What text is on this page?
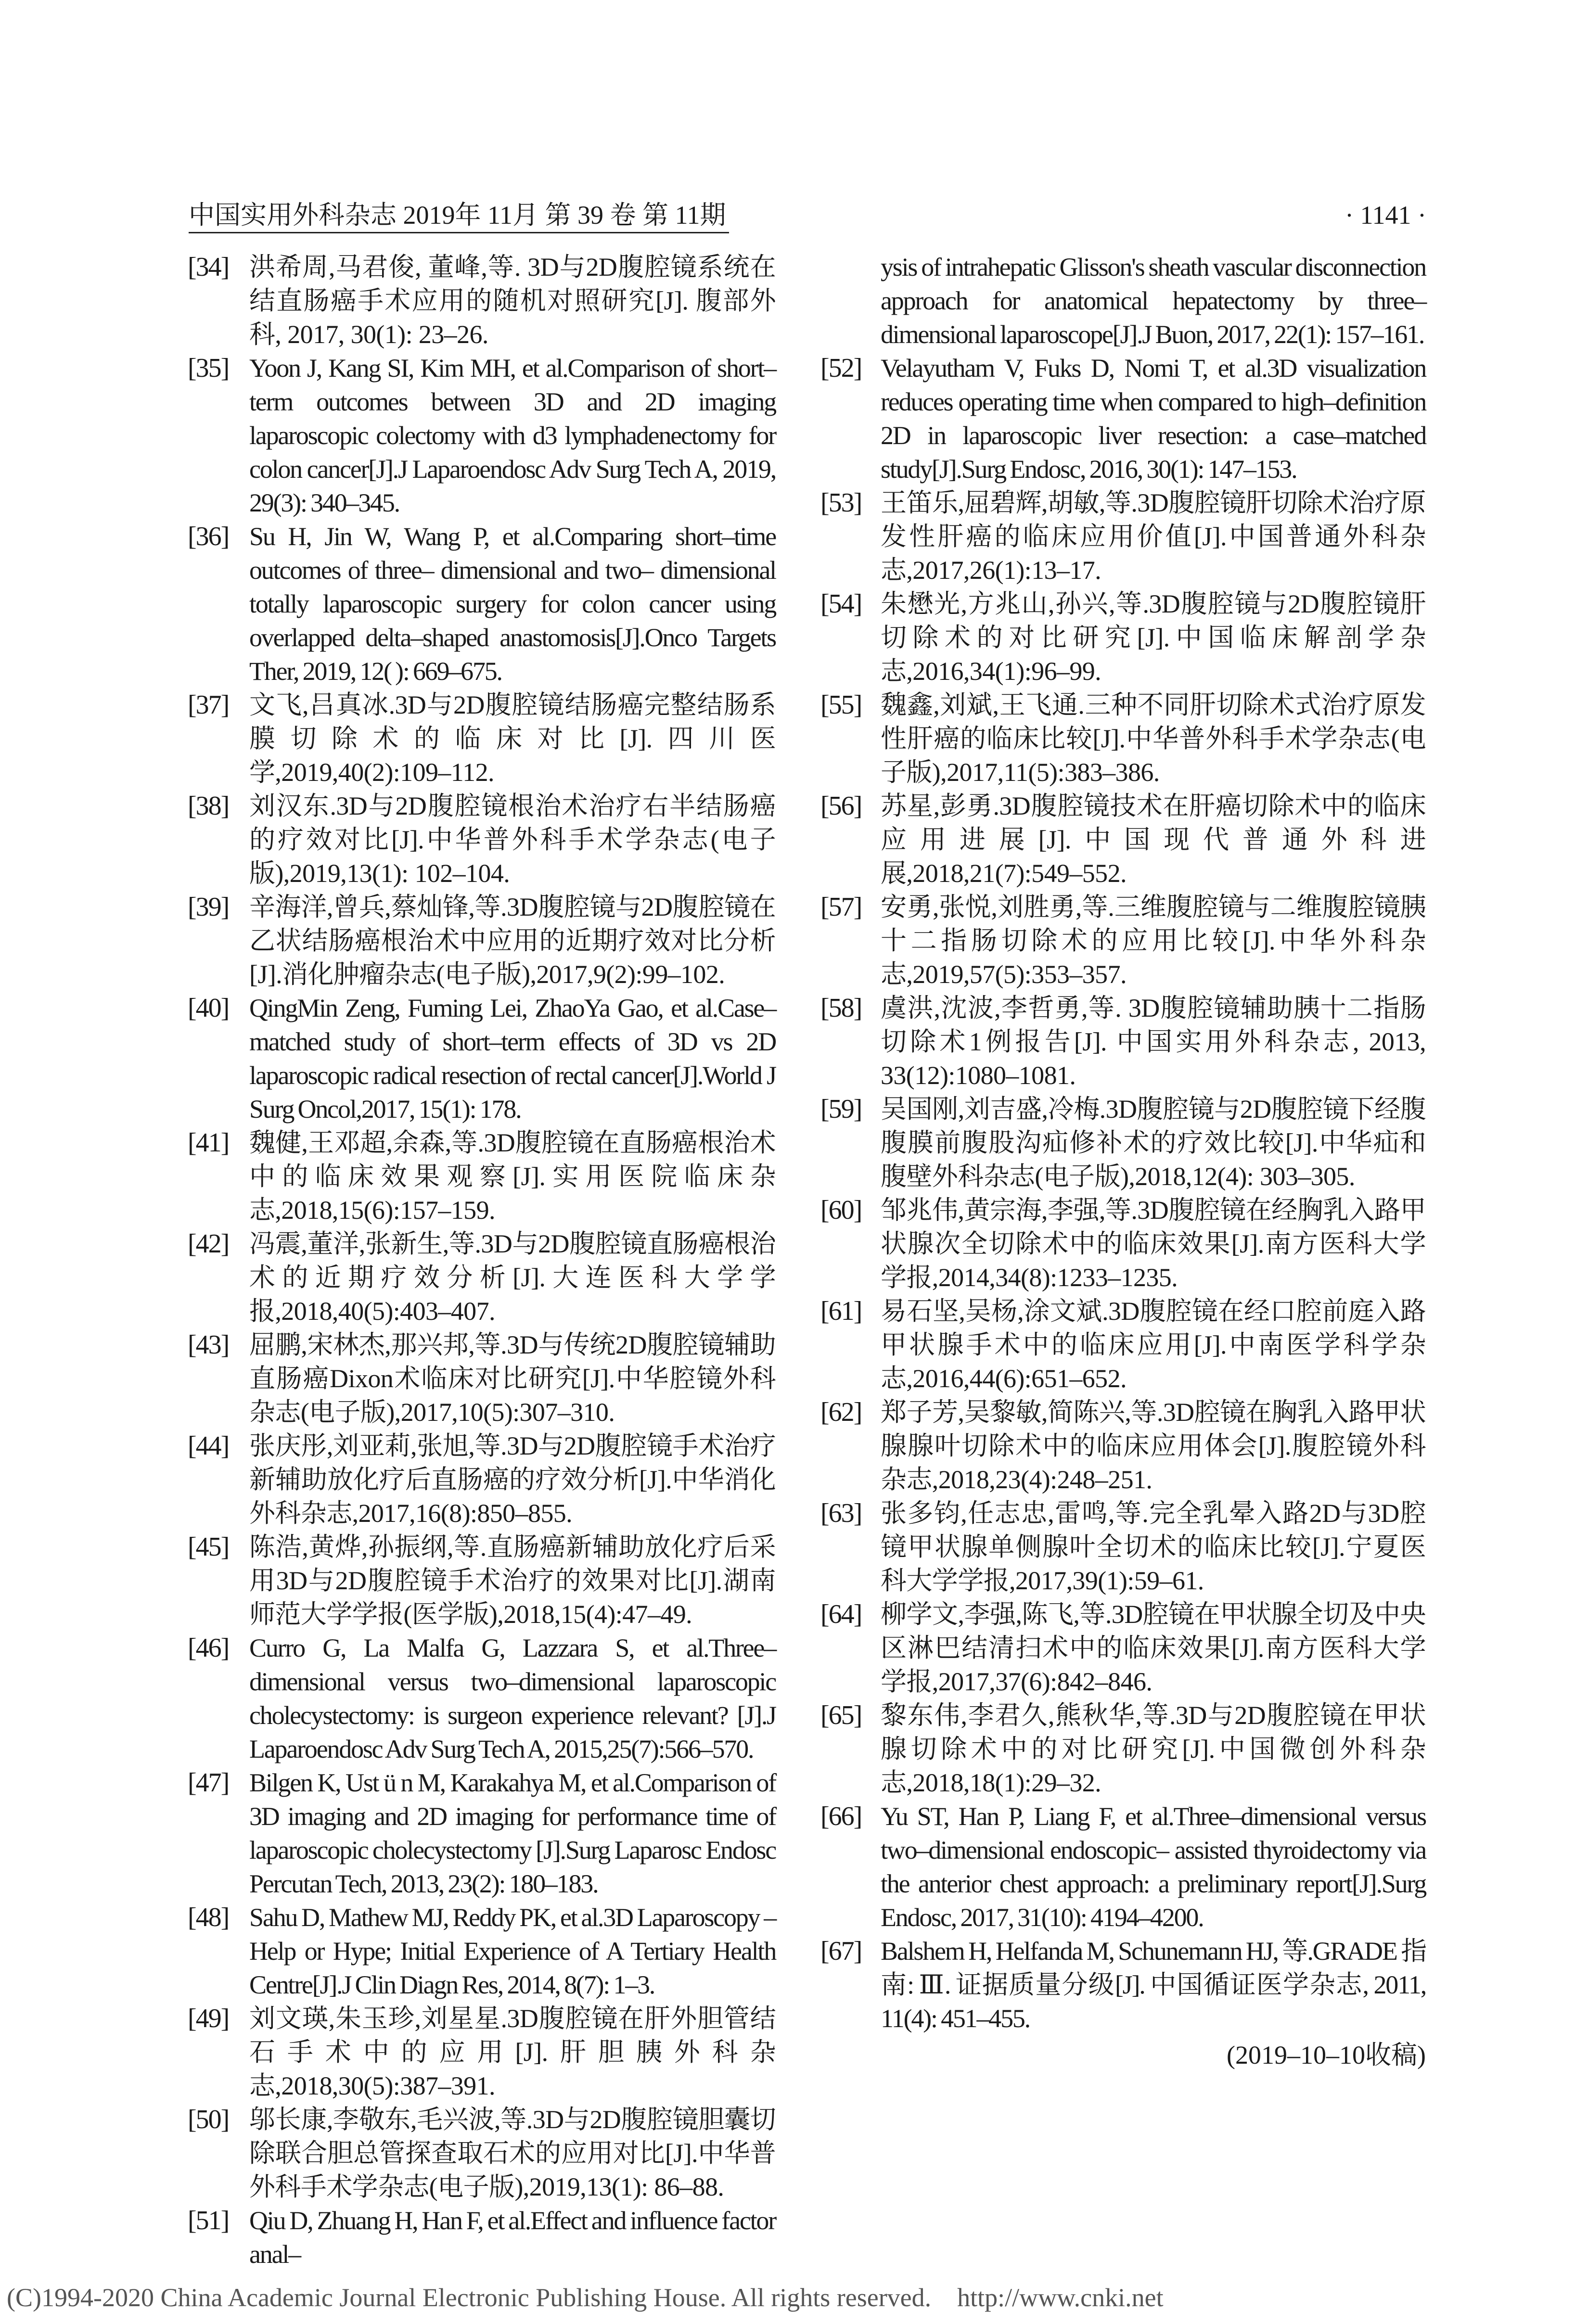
中国实用外科杂志 2019年 11月 第 39 卷 第 11期	· 1141 ·
[34] 洪希周,马君俊, 董峰,等. 3D与2D腹腔镜系统在结直肠癌手术应用的随机对照研究[J]. 腹部外科, 2017, 30(1): 23–26.
[35] Yoon J, Kang SI, Kim MH, et al.Comparison of short–term outcomes between 3D and 2D imaging laparoscopic colectomy with d3 lymphadenectomy for colon cancer[J].J Laparoendosc Adv Surg Tech A, 2019, 29(3): 340–345.
[36] Su H, Jin W, Wang P, et al.Comparing short–time outcomes of three– dimensional and two– dimensional totally laparoscopic surgery for colon cancer using overlapped delta–shaped anastomosis[J].Onco Targets Ther, 2019, 12( ): 669–675.
[37] 文飞,吕真冰.3D与2D腹腔镜结肠癌完整结肠系膜切除术的临床对比[J].四川医学,2019,40(2):109–112.
[38] 刘汉东.3D与2D腹腔镜根治术治疗右半结肠癌的疗效对比[J].中华普外科手术学杂志(电子版),2019,13(1): 102–104.
[39] 辛海洋,曾兵,蔡灿锋,等.3D腹腔镜与2D腹腔镜在乙状结肠癌根治术中应用的近期疗效对比分析[J].消化肿瘤杂志(电子版),2017,9(2):99–102.
[40] QingMin Zeng, Fuming Lei, ZhaoYa Gao, et al.Case–matched study of short–term effects of 3D vs 2D laparoscopic radical resection of rectal cancer[J].World J Surg Oncol,2017, 15(1): 178.
[41] 魏健,王邓超,余森,等.3D腹腔镜在直肠癌根治术中的临床效果观察[J].实用医院临床杂志,2018,15(6):157–159.
[42] 冯震,董洋,张新生,等.3D与2D腹腔镜直肠癌根治术的近期疗效分析[J].大连医科大学学报,2018,40(5):403–407.
[43] 屈鹏,宋林杰,那兴邦,等.3D与传统2D腹腔镜辅助直肠癌Dixon术临床对比研究[J].中华腔镜外科杂志(电子版),2017,10(5):307–310.
[44] 张庆彤,刘亚莉,张旭,等.3D与2D腹腔镜手术治疗新辅助放化疗后直肠癌的疗效分析[J].中华消化外科杂志,2017,16(8):850–855.
[45] 陈浩,黄烨,孙振纲,等.直肠癌新辅助放化疗后采用3D与2D腹腔镜手术治疗的效果对比[J].湖南师范大学学报(医学版),2018,15(4):47–49.
[46] Curro G, La Malfa G, Lazzara S, et al.Three–dimensional versus two–dimensional laparoscopic cholecystectomy: is surgeon experience relevant? [J].J Laparoendosc Adv Surg Tech A, 2015,25(7):566–570.
[47] Bilgen K, Ust ü n M, Karakahya M, et al.Comparison of 3D imaging and 2D imaging for performance time of laparoscopic cholecystectomy [J].Surg Laparosc Endosc Percutan Tech, 2013, 23(2): 180–183.
[48] Sahu D, Mathew MJ, Reddy PK, et al.3D Laparoscopy – Help or Hype; Initial Experience of A Tertiary Health Centre[J].J Clin Diagn Res, 2014, 8(7): 1–3.
[49] 刘文瑛,朱玉珍,刘星星.3D腹腔镜在肝外胆管结石手术中的应用[J].肝胆胰外科杂志,2018,30(5):387–391.
[50] 邬长康,李敬东,毛兴波,等.3D与2D腹腔镜胆囊切除联合胆总管探查取石术的应用对比[J].中华普外科手术学杂志(电子版),2019,13(1): 86–88.
[51] Qiu D, Zhuang H, Han F, et al.Effect and influence factor anal–
ysis of intrahepatic Glisson's sheath vascular disconnection approach for anatomical hepatectomy by three–dimensional laparoscope[J].J Buon, 2017, 22(1): 157–161.
[52] Velayutham V, Fuks D, Nomi T, et al.3D visualization reduces operating time when compared to high–definition 2D in laparoscopic liver resection: a case–matched study[J].Surg Endosc, 2016, 30(1): 147–153.
[53] 王笛乐,屈碧辉,胡敏,等.3D腹腔镜肝切除术治疗原发性肝癌的临床应用价值[J].中国普通外科杂志,2017,26(1):13–17.
[54] 朱懋光,方兆山,孙兴,等.3D腹腔镜与2D腹腔镜肝切除术的对比研究[J].中国临床解剖学杂志,2016,34(1):96–99.
[55] 魏鑫,刘斌,王飞通.三种不同肝切除术式治疗原发性肝癌的临床比较[J].中华普外科手术学杂志(电子版),2017,11(5):383–386.
[56] 苏星,彭勇.3D腹腔镜技术在肝癌切除术中的临床应用进展[J].中国现代普通外科进展,2018,21(7):549–552.
[57] 安勇,张悦,刘胜勇,等.三维腹腔镜与二维腹腔镜胰十二指肠切除术的应用比较[J].中华外科杂志,2019,57(5):353–357.
[58] 虞洪,沈波,李哲勇,等. 3D腹腔镜辅助胰十二指肠切除术1例报告[J]. 中国实用外科杂志, 2013, 33(12):1080–1081.
[59] 吴国刚,刘吉盛,冷梅.3D腹腔镜与2D腹腔镜下经腹腹膜前腹股沟疝修补术的疗效比较[J].中华疝和腹壁外科杂志(电子版),2018,12(4): 303–305.
[60] 邹兆伟,黄宗海,李强,等.3D腹腔镜在经胸乳入路甲状腺次全切除术中的临床效果[J].南方医科大学学报,2014,34(8):1233–1235.
[61] 易石坚,吴杨,涂文斌.3D腹腔镜在经口腔前庭入路甲状腺手术中的临床应用[J].中南医学科学杂志,2016,44(6):651–652.
[62] 郑子芳,吴黎敏,简陈兴,等.3D腔镜在胸乳入路甲状腺腺叶切除术中的临床应用体会[J].腹腔镜外科杂志,2018,23(4):248–251.
[63] 张多钧,任志忠,雷鸣,等.完全乳晕入路2D与3D腔镜甲状腺单侧腺叶全切术的临床比较[J].宁夏医科大学学报,2017,39(1):59–61.
[64] 柳学文,李强,陈飞,等.3D腔镜在甲状腺全切及中央区淋巴结清扫术中的临床效果[J].南方医科大学学报,2017,37(6):842–846.
[65] 黎东伟,李君久,熊秋华,等.3D与2D腹腔镜在甲状腺切除术中的对比研究[J].中国微创外科杂志,2018,18(1):29–32.
[66] Yu ST, Han P, Liang F, et al.Three–dimensional versus two–dimensional endoscopic– assisted thyroidectomy via the anterior chest approach: a preliminary report[J].Surg Endosc, 2017, 31(10): 4194–4200.
[67] Balshem H, Helfanda M, Schunemann HJ, 等.GRADE 指南: Ⅲ. 证据质量分级[J]. 中国循证医学杂志, 2011, 11(4): 451–455.
(2019–10–10收稿)
(C)1994-2020 China Academic Journal Electronic Publishing House. All rights reserved. http://www.cnki.net
